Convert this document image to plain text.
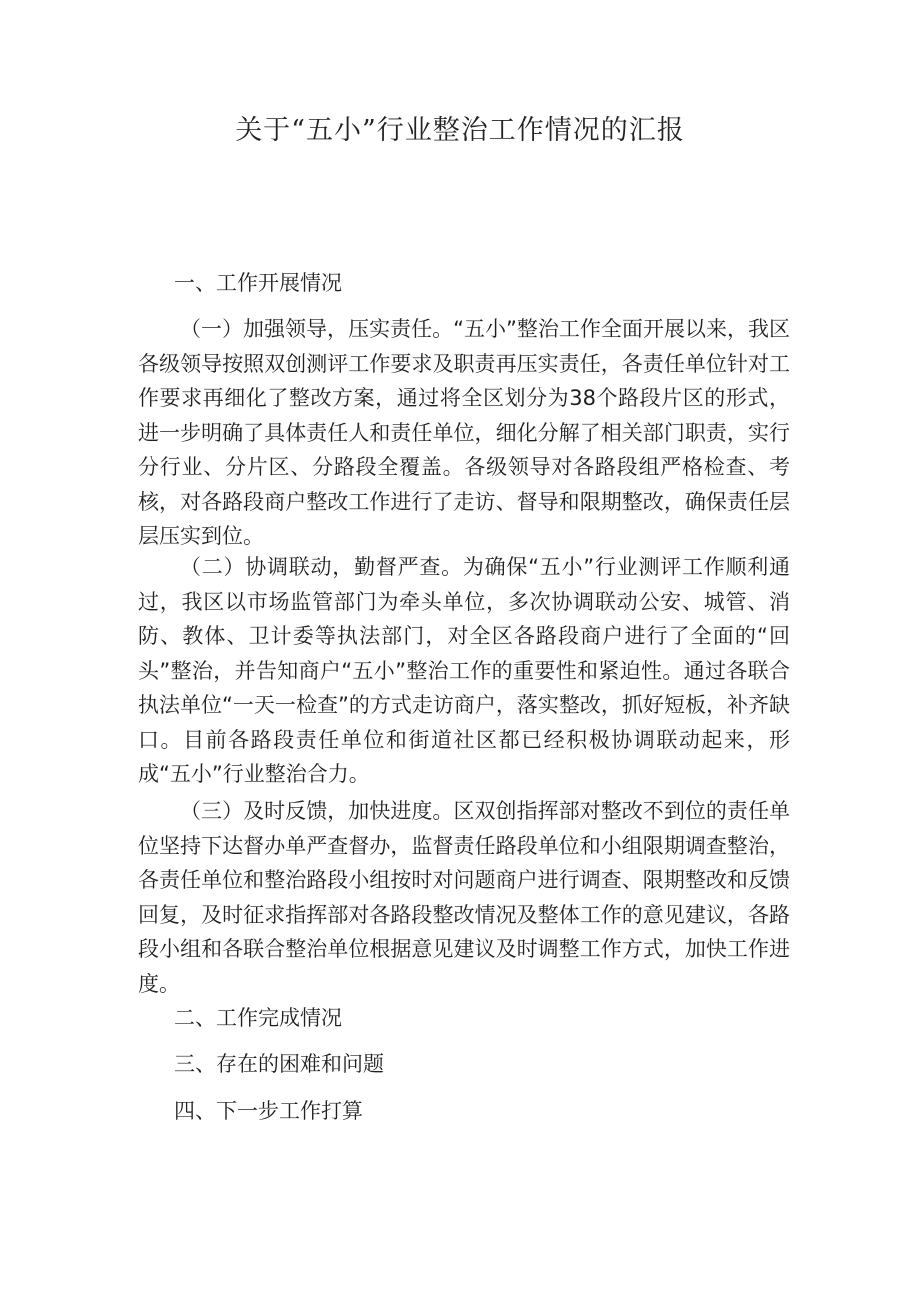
关于“五小”行业整治工作情况的汇报
一、工作开展情况

（一）加强领导，压实责任。“五小”整治工作全面开展以来，我区各级领导按照双创测评工作要求及职责再压实责任，各责任单位针对工作要求再细化了整改方案，通过将全区划分为38个路段片区的形式，进一步明确了具体责任人和责任单位，细化分解了相关部门职责，实行分行业、分片区、分路段全覆盖。各级领导对各路段组严格检查、考核，对各路段商户整改工作进行了走访、督导和限期整改，确保责任层层压实到位。

（二）协调联动，勤督严查。为确保“五小”行业测评工作顺利通过，我区以市场监管部门为牵头单位，多次协调联动公安、城管、消防、教体、卫计委等执法部门，对全区各路段商户进行了全面的“回头”整治，并告知商户“五小”整治工作的重要性和紧迫性。通过各联合执法单位“一天一检查”的方式走访商户，落实整改，抓好短板，补齐缺口。目前各路段责任单位和街道社区都已经积极协调联动起来，形成“五小”行业整治合力。

（三）及时反馈，加快进度。区双创指挥部对整改不到位的责任单位坚持下达督办单严查督办，监督责任路段单位和小组限期调查整治，各责任单位和整治路段小组按时对问题商户进行调查、限期整改和反馈回复，及时征求指挥部对各路段整改情况及整体工作的意见建议，各路段小组和各联合整治单位根据意见建议及时调整工作方式，加快工作进度。

二、工作完成情况
三、存在的困难和问题
四、下一步工作打算
